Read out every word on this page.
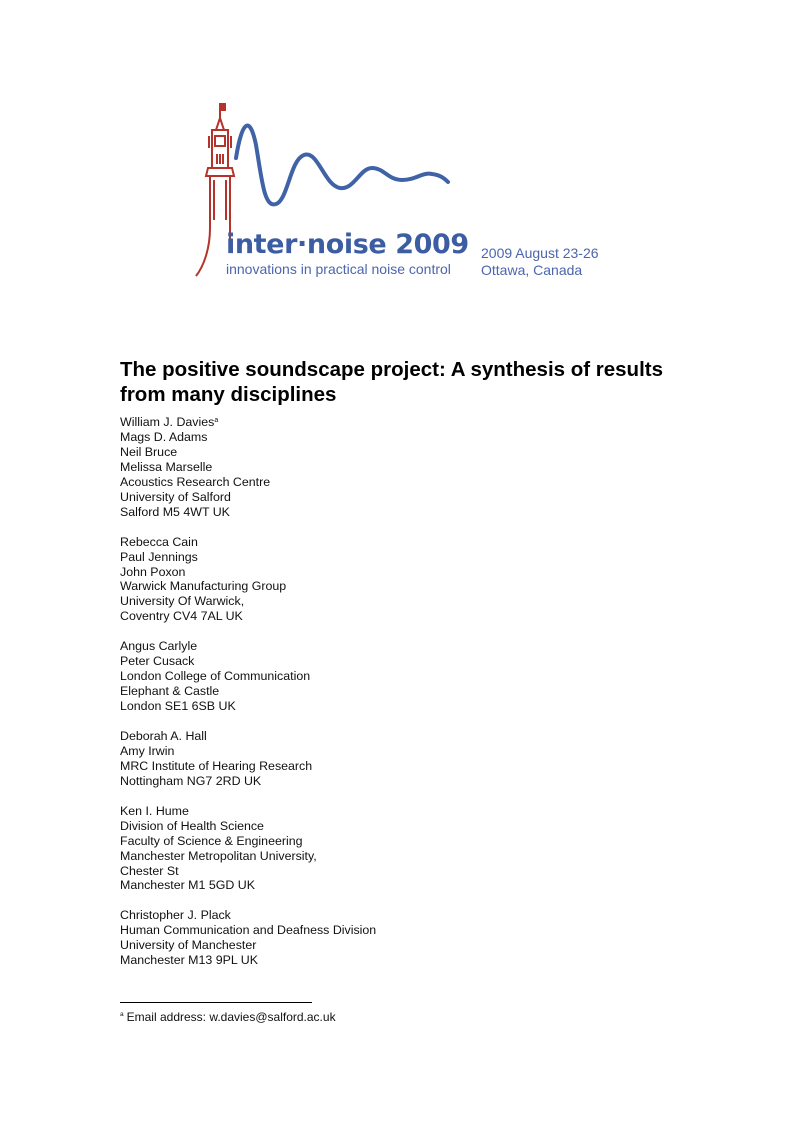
inter·noise 2009
innovations in practical noise control
2009 August 23-26
Ottawa, Canada
The positive soundscape project: A synthesis of results from many disciplines
William J. Davies$^a$
Mags D. Adams
Neil Bruce
Melissa Marselle
Acoustics Research Centre
University of Salford
Salford M5 4WT UK
Rebecca Cain
Paul Jennings
John Poxon
Warwick Manufacturing Group
University Of Warwick,
Coventry CV4 7AL UK
Angus Carlyle
Peter Cusack
London College of Communication
Elephant & Castle
London SE1 6SB UK
Deborah A. Hall
Amy Irwin
MRC Institute of Hearing Research
Nottingham NG7 2RD UK
Ken I. Hume
Division of Health Science
Faculty of Science & Engineering
Manchester Metropolitan University,
Chester St
Manchester M1 5GD UK
Christopher J. Plack
Human Communication and Deafness Division
University of Manchester
Manchester M13 9PL UK
$^a$ Email address: w.davies@salford.ac.uk
